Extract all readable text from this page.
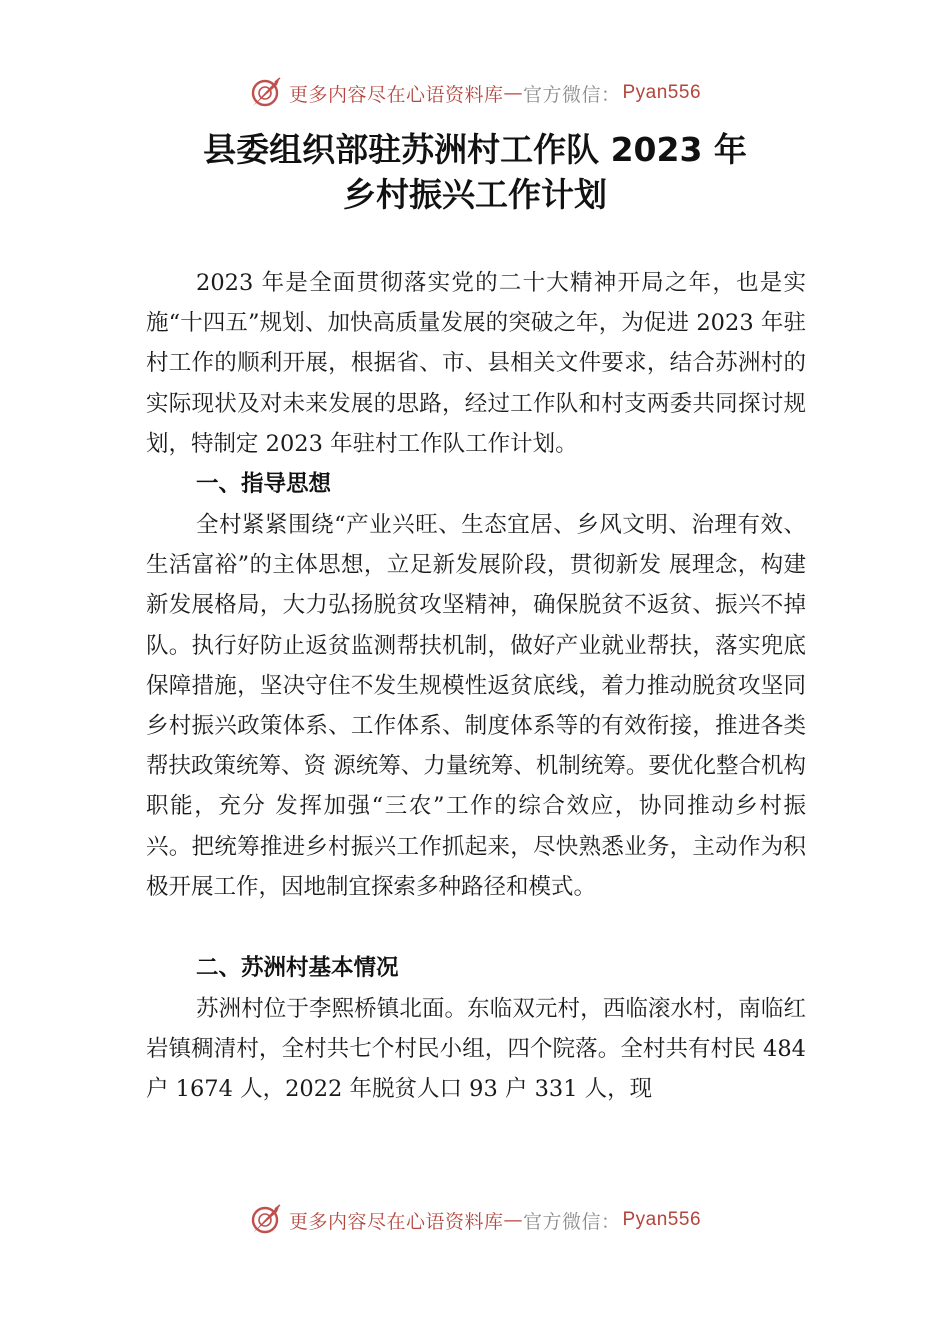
更多内容尽在心语资料库 — 官方微信： Pyan556
县委组织部驻苏洲村工作队 2023 年
乡村振兴工作计划

2023 年是全面贯彻落实党的二十大精神开局之年，也是实施“十四五”规划、加快高质量发展的突破之年，为促进 2023 年驻村工作的顺利开展，根据省、市、县相关文件要求，结合苏洲村的实际现状及对未来发展的思路，经过工作队和村支两委共同探讨规划，特制定 2023 年驻村工作队工作计划。

一、指导思想

全村紧紧围绕“产业兴旺、生态宜居、乡风文明、治理有效、生活富裕”的主体思想，立足新发展阶段，贯彻新发 展理念，构建新发展格局，大力弘扬脱贫攻坚精神，确保脱贫不返贫、振兴不掉队。执行好防止返贫监测帮扶机制，做好产业就业帮扶，落实兜底保障措施，坚决守住不发生规模性返贫底线，着力推动脱贫攻坚同乡村振兴政策体系、工作体系、制度体系等的有效衔接，推进各类帮扶政策统筹、资 源统筹、力量统筹、机制统筹。要优化整合机构职能，充分 发挥加强“三农”工作的综合效应，协同推动乡村振兴。把统筹推进乡村振兴工作抓起来，尽快熟悉业务，主动作为积极开展工作，因地制宜探索多种路径和模式。

二、苏洲村基本情况

苏洲村位于李熙桥镇北面。东临双元村，西临滚水村，南临红岩镇稠清村，全村共七个村民小组，四个院落。全村共有村民 484 户 1674 人，2022 年脱贫人口 93 户 331 人，现

更多内容尽在心语资料库 — 官方微信： Pyan556
